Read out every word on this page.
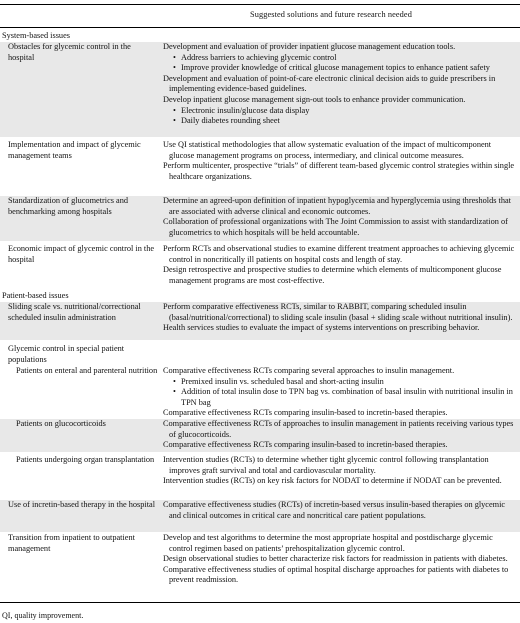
Suggested solutions and future research needed
System-based issues
Obstacles for glycemic control in the hospital

Development and evaluation of provider inpatient glucose management education tools.

• Address barriers to achieving glycemic control
• Improve provider knowledge of critical glucose management topics to enhance patient safety

Development and evaluation of point-of-care electronic clinical decision aids to guide prescribers in implementing evidence-based guidelines.

Develop inpatient glucose management sign-out tools to enhance provider communication.

• Electronic insulin/glucose data display
• Daily diabetes rounding sheet
Implementation and impact of glycemic management teams

Use QI statistical methodologies that allow systematic evaluation of the impact of multicomponent glucose management programs on process, intermediary, and clinical outcome measures.

Perform multicenter, prospective “trials” of different team-based glycemic control strategies within single healthcare organizations.

Standardization of glucometrics and benchmarking among hospitals

Determine an agreed-upon definition of inpatient hypoglycemia and hyperglycemia using thresholds that are associated with adverse clinical and economic outcomes.

Collaboration of professional organizations with The Joint Commission to assist with standardization of glucometrics to which hospitals will be held accountable.

Economic impact of glycemic control in the hospital

Perform RCTs and observational studies to examine different treatment approaches to achieving glycemic control in noncritically ill patients on hospital costs and length of stay.

Design retrospective and prospective studies to determine which elements of multicomponent glucose management programs are most cost-effective.

Patient-based issues
Sliding scale vs. nutritional/correctional scheduled insulin administration

Perform comparative effectiveness RCTs, similar to RABBIT, comparing scheduled insulin (basal/nutritional/correctional) to sliding scale insulin (basal + sliding scale without nutritional insulin).

Health services studies to evaluate the impact of systems interventions on prescribing behavior.

Glycemic control in special patient populations
Patients on enteral and parenteral nutrition Comparative effectiveness RCTs comparing several approaches to insulin management.

• Premixed insulin vs. scheduled basal and short-acting insulin
• Addition of total insulin dose to TPN bag vs. combination of basal insulin with nutritional insulin in TPN bag

Comparative effectiveness RCTs comparing insulin-based to incretin-based therapies.

Patients on glucocorticoids	Comparative effectiveness RCTs of approaches to insulin management in patients receiving various types of glucocorticoids.

Comparative effectiveness RCTs comparing insulin-based to incretin-based therapies.

Patients undergoing organ transplantation	Intervention studies (RCTs) to determine whether tight glycemic control following transplantation improves graft survival and total and cardiovascular mortality.

Intervention studies (RCTs) on key risk factors for NODAT to determine if NODAT can be prevented.

Use of incretin-based therapy in the hospital Comparative effectiveness studies (RCTs) of incretin-based versus insulin-based therapies on glycemic and clinical outcomes in critical care and noncritical care patient populations.

Transition from inpatient to outpatient management

Develop and test algorithms to determine the most appropriate hospital and postdischarge glycemic control regimen based on patients’ prehospitalization glycemic control.

Design observational studies to better characterize risk factors for readmission in patients with diabetes.

Comparative effectiveness studies of optimal hospital discharge approaches for patients with diabetes to prevent readmission.

QI, quality improvement.
